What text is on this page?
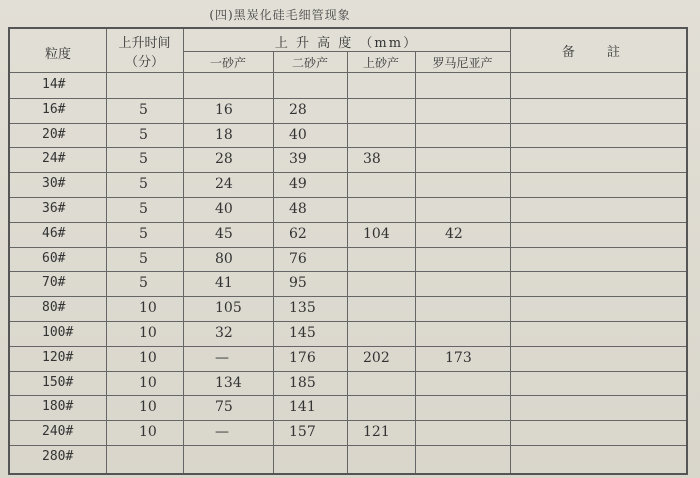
(四)黑炭化硅毛细管现象
粒度
上升时间
（分）
上 升 高 度 （mm）
一砂产	二砂产	上砂产	罗马尼亚产
备 註
14#
16#	5	16	28
20#	5	18	40
24#	5	28	39	38
30#	5	24	49
36#	5	40	48
46#	5	45	62	104	42
60#	5	80	76
70#	5	41	95
80#	10	105	135
100#	10	32	145
120#	10	—	176	202	173
150#	10	134	185
180#	10	75	141
240#	10	—	157	121
280#
